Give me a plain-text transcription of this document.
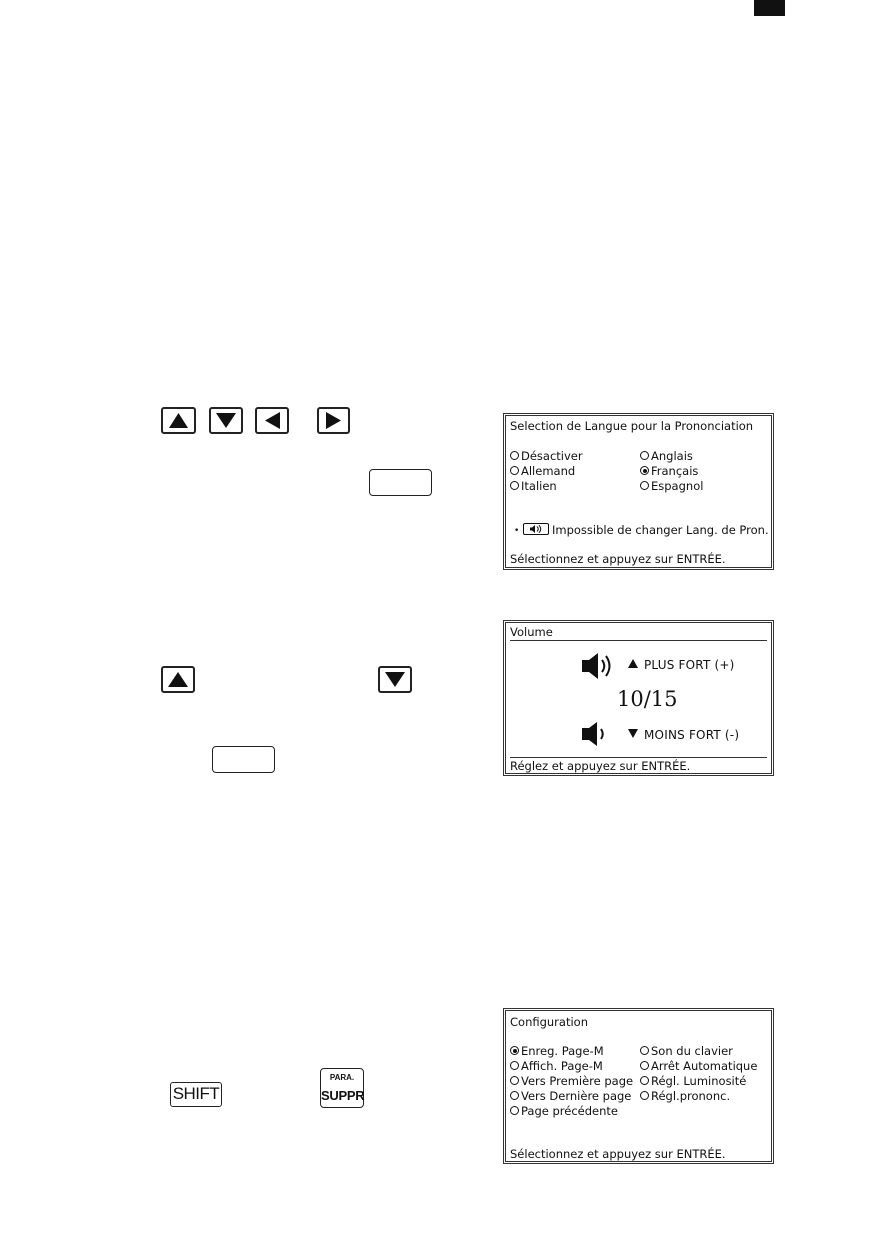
Selection de Langue pour la Prononciation
Désactiver	Anglais
Allemand	Français
Italien	Espagnol
•	Impossible de changer Lang. de Pron.
Sélectionnez et appuyez sur ENTRÉE.
Volume
PLUS FORT (+)
10/15
MOINS FORT (-)
Réglez et appuyez sur ENTRÉE.
SHIFT
PARA.
SUPPR
Configuration
Enreg. Page-M	Son du clavier
Affich. Page-M	Arrêt Automatique
Vers Première page	Régl. Luminosité
Vers Dernière page	Régl.prononc.
Page précédente
Sélectionnez et appuyez sur ENTRÉE.
